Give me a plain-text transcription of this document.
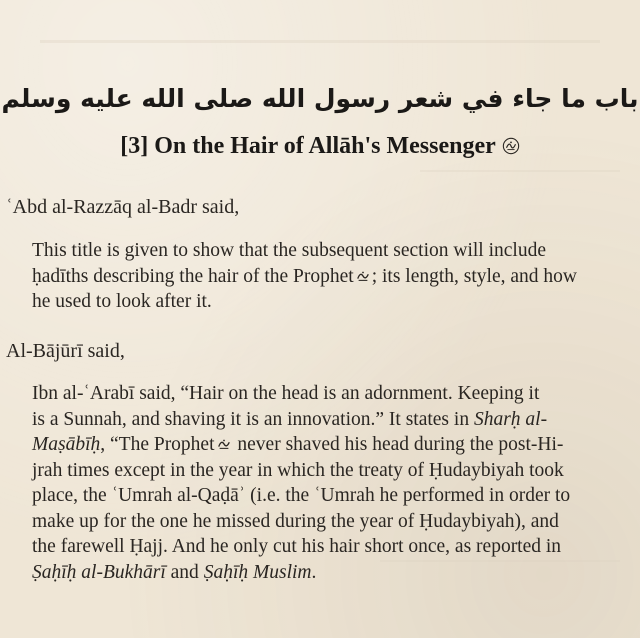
باب ما جاء في شعر رسول الله صلى الله عليه وسلم
[3] On the Hair of Allāh's Messenger
ʿAbd al-Razzāq al-Badr said,
This title is given to show that the subsequent section will include
ḥadīths describing the hair of the Prophet ; its length, style, and how
he used to look after it.
Al-Bājūrī said,
Ibn al-ʿArabī said, “Hair on the head is an adornment. Keeping it
is a Sunnah, and shaving it is an innovation.” It states in Sharḥ al-
Maṣābīḥ, “The Prophet never shaved his head during the post-Hi-
jrah times except in the year in which the treaty of Ḥudaybiyah took
place, the ʿUmrah al-Qaḍāʾ (i.e. the ʿUmrah he performed in order to
make up for the one he missed during the year of Ḥudaybiyah), and
the farewell Ḥajj. And he only cut his hair short once, as reported in
Ṣaḥīḥ al-Bukhārī and Ṣaḥīḥ Muslim.
